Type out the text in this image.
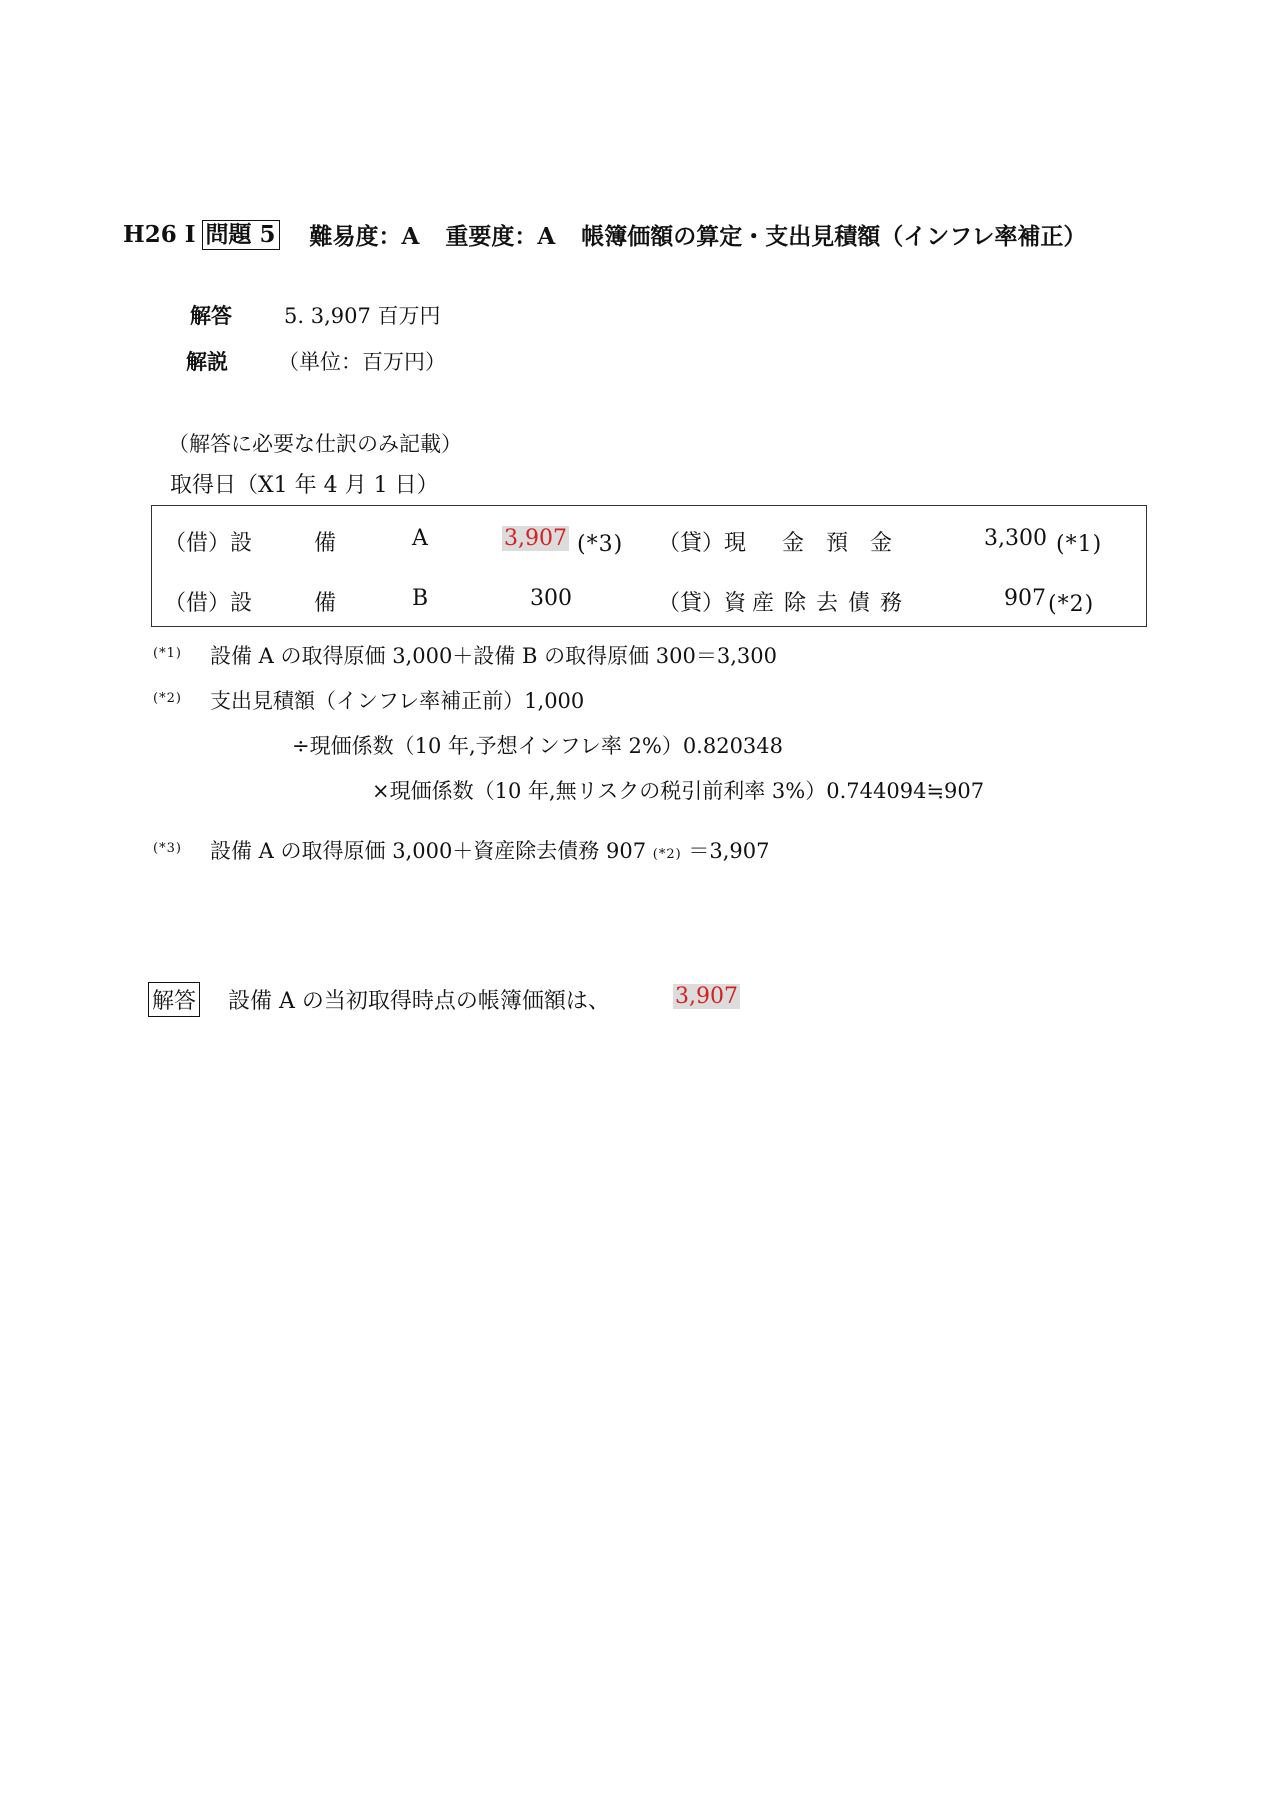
H26 I 問題 5 難易度：A 重要度：A 帳簿価額の算定・支出見積額（インフレ率補正）
解答 5. 3,907 百万円
解説 （単位：百万円）
（解答に必要な仕訳のみ記載）
取得日（X1 年 4 月 1 日）
（借）設	備	A	3,907 (*3) （貸）現 金　預　金	3,300 (*1)
（借）設	備	B	300	（貸）資 産除去債務	907 (*2)
(*1) 設備 A の取得原価 3,000＋設備 B の取得原価 300＝3,300
(*2) 支出見積額（インフレ率補正前）1,000
÷現価係数（10 年,予想インフレ率 2%）0.820348
×現価係数（10 年,無リスクの税引前利率 3%）0.744094≒907
(*3) 設備 A の取得原価 3,000＋資産除去債務 907 (*2) ＝3,907
解答 設備 A の当初取得時点の帳簿価額は、	3,907
